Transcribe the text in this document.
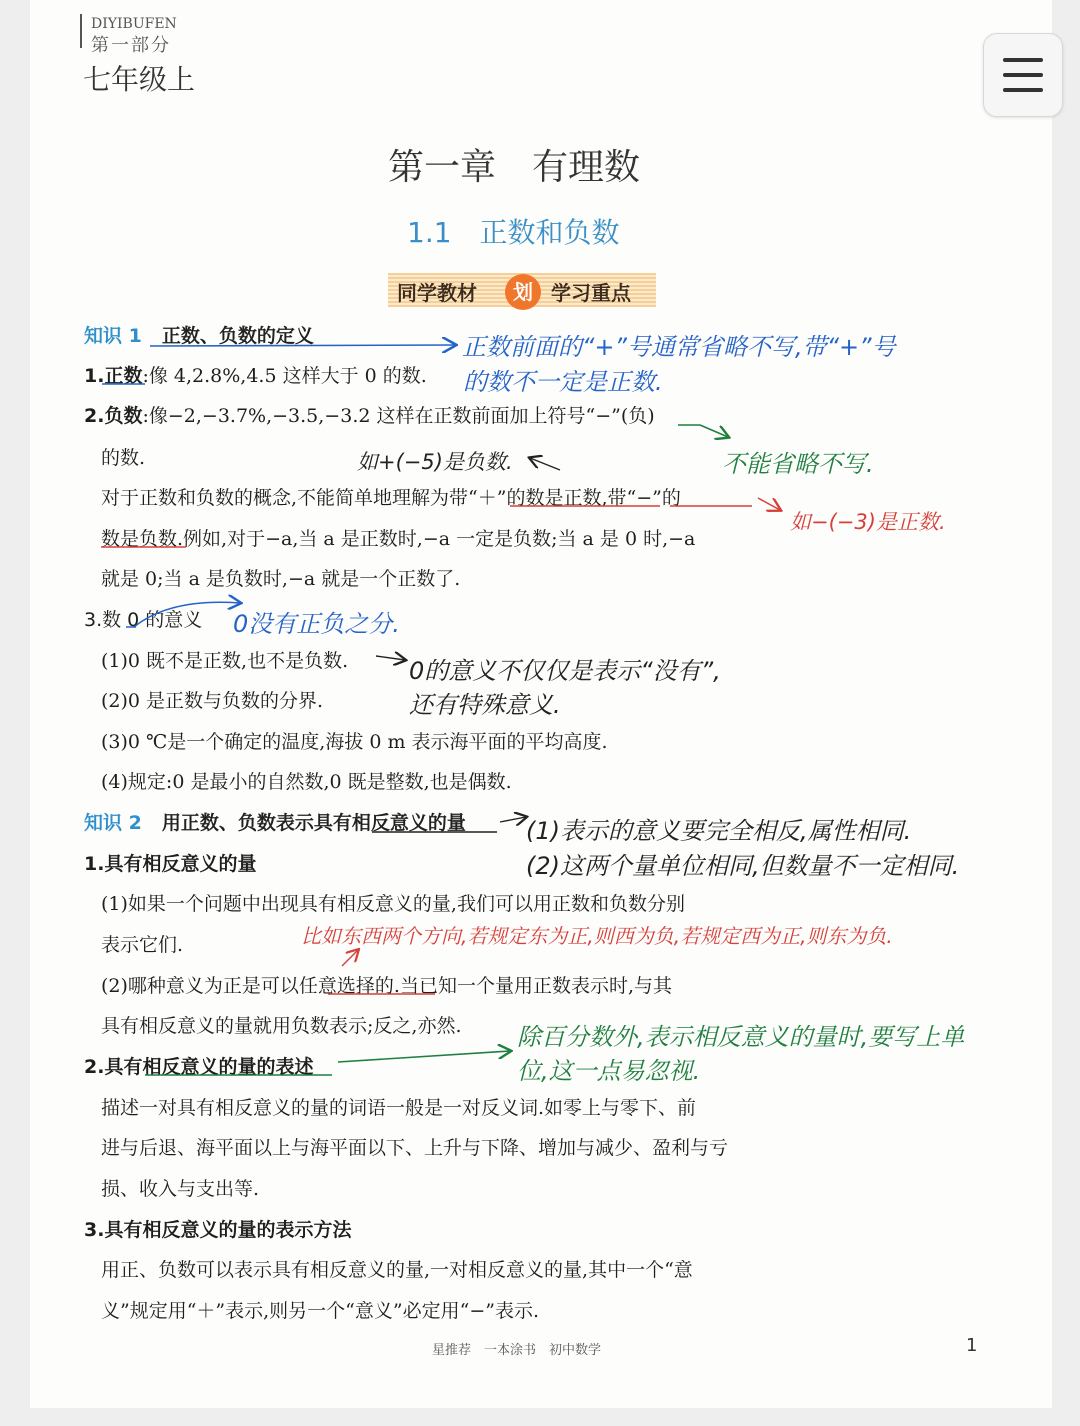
DIYIBUFEN
第一部分
七年级上
第一章　有理数
1.1　正数和负数
同学教材	划 学习重点
知识 1 正数、负数的定义
1.正数:像 4,2.8%,4.5 这样大于 0 的数.
2.负数:像−2,−3.7%,−3.5,−3.2 这样在正数前面加上符号“−”(负)
的数.
对于正数和负数的概念,不能简单地理解为带“＋”的数是正数,带“−”的
数是负数.例如,对于−a,当 a 是正数时,−a 一定是负数;当 a 是 0 时,−a
就是 0;当 a 是负数时,−a 就是一个正数了.
3.数 0 的意义
(1)0 既不是正数,也不是负数.
(2)0 是正数与负数的分界.
(3)0 ℃是一个确定的温度,海拔 0 m 表示海平面的平均高度.
(4)规定:0 是最小的自然数,0 既是整数,也是偶数.
知识 2 用正数、负数表示具有相反意义的量
1.具有相反意义的量
(1)如果一个问题中出现具有相反意义的量,我们可以用正数和负数分别
表示它们.
(2)哪种意义为正是可以任意选择的.当已知一个量用正数表示时,与其
具有相反意义的量就用负数表示;反之,亦然.
2.具有相反意义的量的表述
描述一对具有相反意义的量的词语一般是一对反义词.如零上与零下、前
进与后退、海平面以上与海平面以下、上升与下降、增加与减少、盈利与亏
损、收入与支出等.
3.具有相反意义的量的表示方法
用正、负数可以表示具有相反意义的量,一对相反意义的量,其中一个“意
义”规定用“＋”表示,则另一个“意义”必定用“−”表示.
正数前面的“+”号通常省略不写,带“+”号
的数不一定是正数.
如+(−5)是负数.	不能省略不写.
如−(−3)是正数.
0没有正负之分.
0的意义不仅仅是表示“没有”,
还有特殊意义.
(1)表示的意义要完全相反,属性相同.
(2)这两个量单位相同,但数量不一定相同.
比如东西两个方向,若规定东为正,则西为负,若规定西为正,则东为负.
除百分数外,表示相反意义的量时,要写上单
位,这一点易忽视.
星推荐　一本涂书　初中数学	1
